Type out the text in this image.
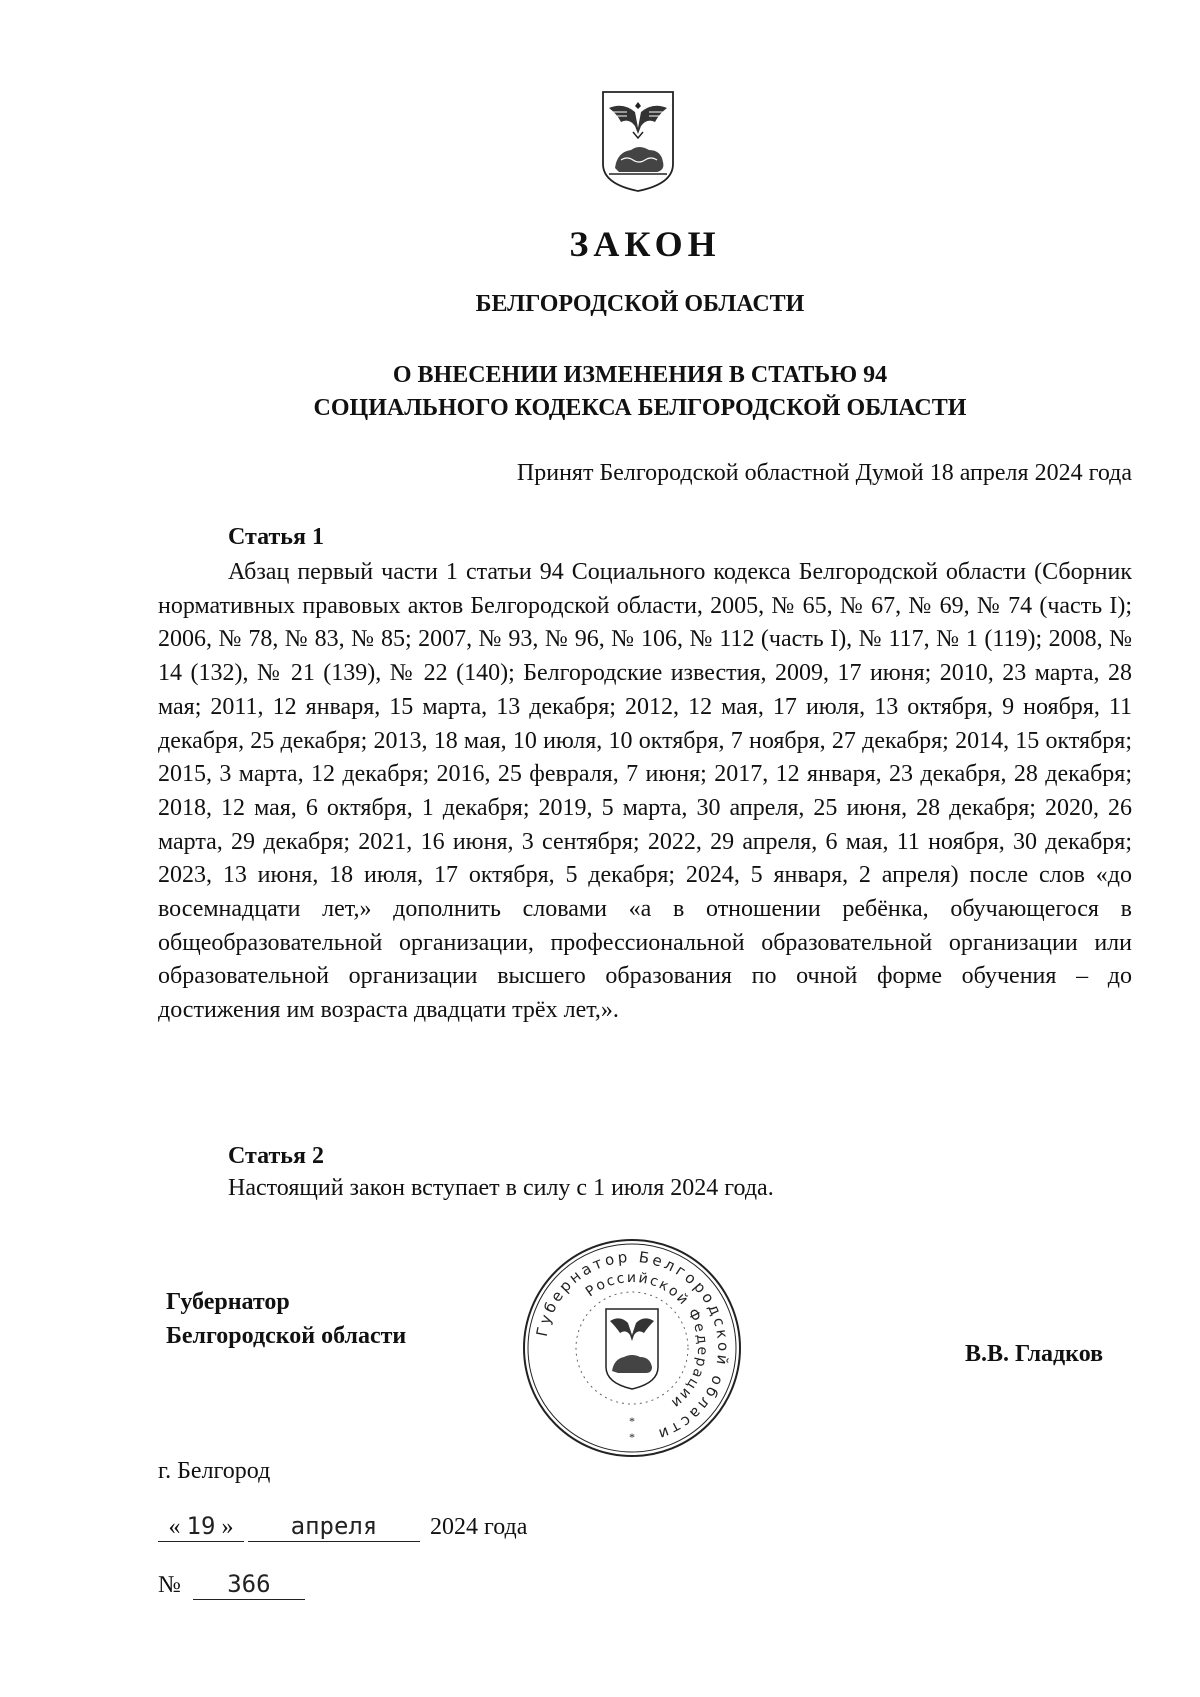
ЗАКОН
БЕЛГОРОДСКОЙ ОБЛАСТИ
О ВНЕСЕНИИ ИЗМЕНЕНИЯ В СТАТЬЮ 94
СОЦИАЛЬНОГО КОДЕКСА БЕЛГОРОДСКОЙ ОБЛАСТИ
Принят Белгородской областной Думой 18 апреля 2024 года
Статья 1

Абзац первый части 1 статьи 94 Социального кодекса Белгородской области (Сборник нормативных правовых актов Белгородской области, 2005, № 65, № 67, № 69, № 74 (часть I); 2006, № 78, № 83, № 85; 2007, № 93, № 96, № 106, № 112 (часть I), № 117, № 1 (119); 2008, № 14 (132), № 21 (139), № 22 (140); Белгородские известия, 2009, 17 июня; 2010, 23 марта, 28 мая; 2011, 12 января, 15 марта, 13 декабря; 2012, 12 мая, 17 июля, 13 октября, 9 ноября, 11 декабря, 25 декабря; 2013, 18 мая, 10 июля, 10 октября, 7 ноября, 27 декабря; 2014, 15 октября; 2015, 3 марта, 12 декабря; 2016, 25 февраля, 7 июня; 2017, 12 января, 23 декабря, 28 декабря; 2018, 12 мая, 6 октября, 1 декабря; 2019, 5 марта, 30 апреля, 25 июня, 28 декабря; 2020, 26 марта, 29 декабря; 2021, 16 июня, 3 сентября; 2022, 29 апреля, 6 мая, 11 ноября, 30 декабря; 2023, 13 июня, 18 июля, 17 октября, 5 декабря; 2024, 5 января, 2 апреля) после слов «до восемнадцати лет,» дополнить словами «а в отношении ребёнка, обучающегося в общеобразовательной организации, профессиональной образовательной организации или образовательной организации высшего образования по очной форме обучения – до достижения им возраста двадцати трёх лет,».

Статья 2

Настоящий закон вступает в силу с 1 июля 2024 года.

Губернатор
Белгородской области	Губернатор Белгородской области
Российской Федерации
*
*
В.В. Гладков
г. Белгород
« 19 » апреля 2024 года
№ 366
